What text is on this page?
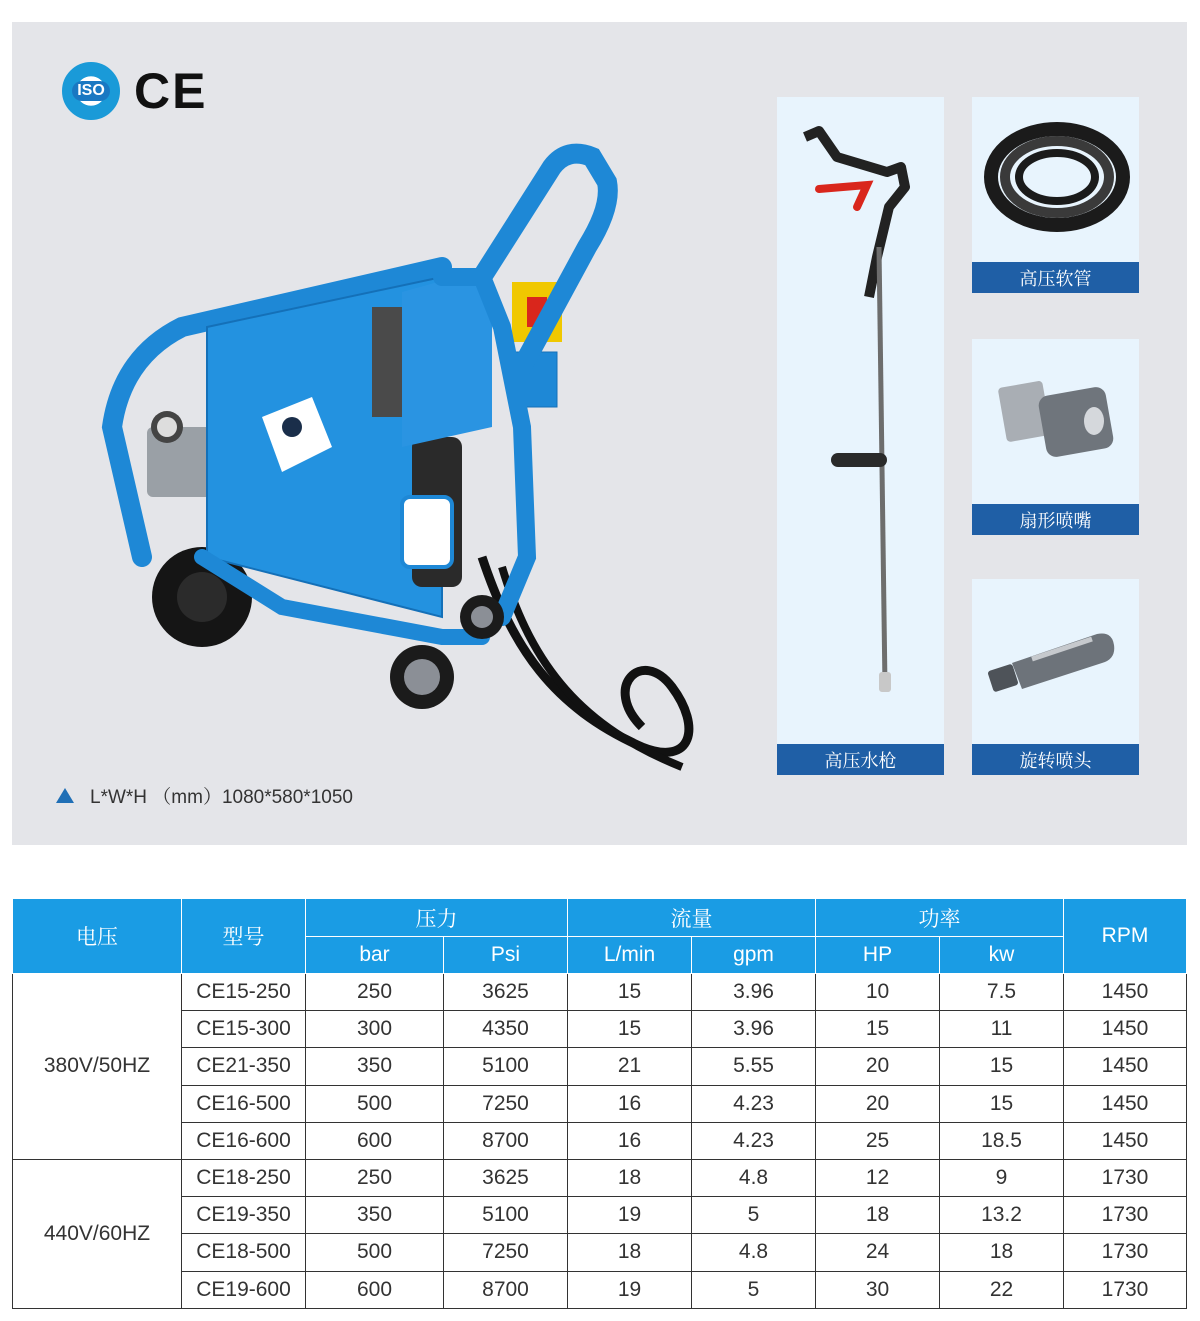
ISO CE
L*W*H （mm）1080*580*1050
高压水枪
高压软管
扇形喷嘴
旋转喷头
电压	型号	压力		流量		功率		RPM
		bar	Psi	L/min	gpm	HP	kw	
380V/50HZ	CE15-250	250	3625	15	3.96	10	7.5	1450
	CE15-300	300	4350	15	3.96	15	11	1450
	CE21-350	350	5100	21	5.55	20	15	1450
	CE16-500	500	7250	16	4.23	20	15	1450
	CE16-600	600	8700	16	4.23	25	18.5	1450
440V/60HZ	CE18-250	250	3625	18	4.8	12	9	1730
	CE19-350	350	5100	19	5	18	13.2	1730
	CE18-500	500	7250	18	4.8	24	18	1730
	CE19-600	600	8700	19	5	30	22	1730
